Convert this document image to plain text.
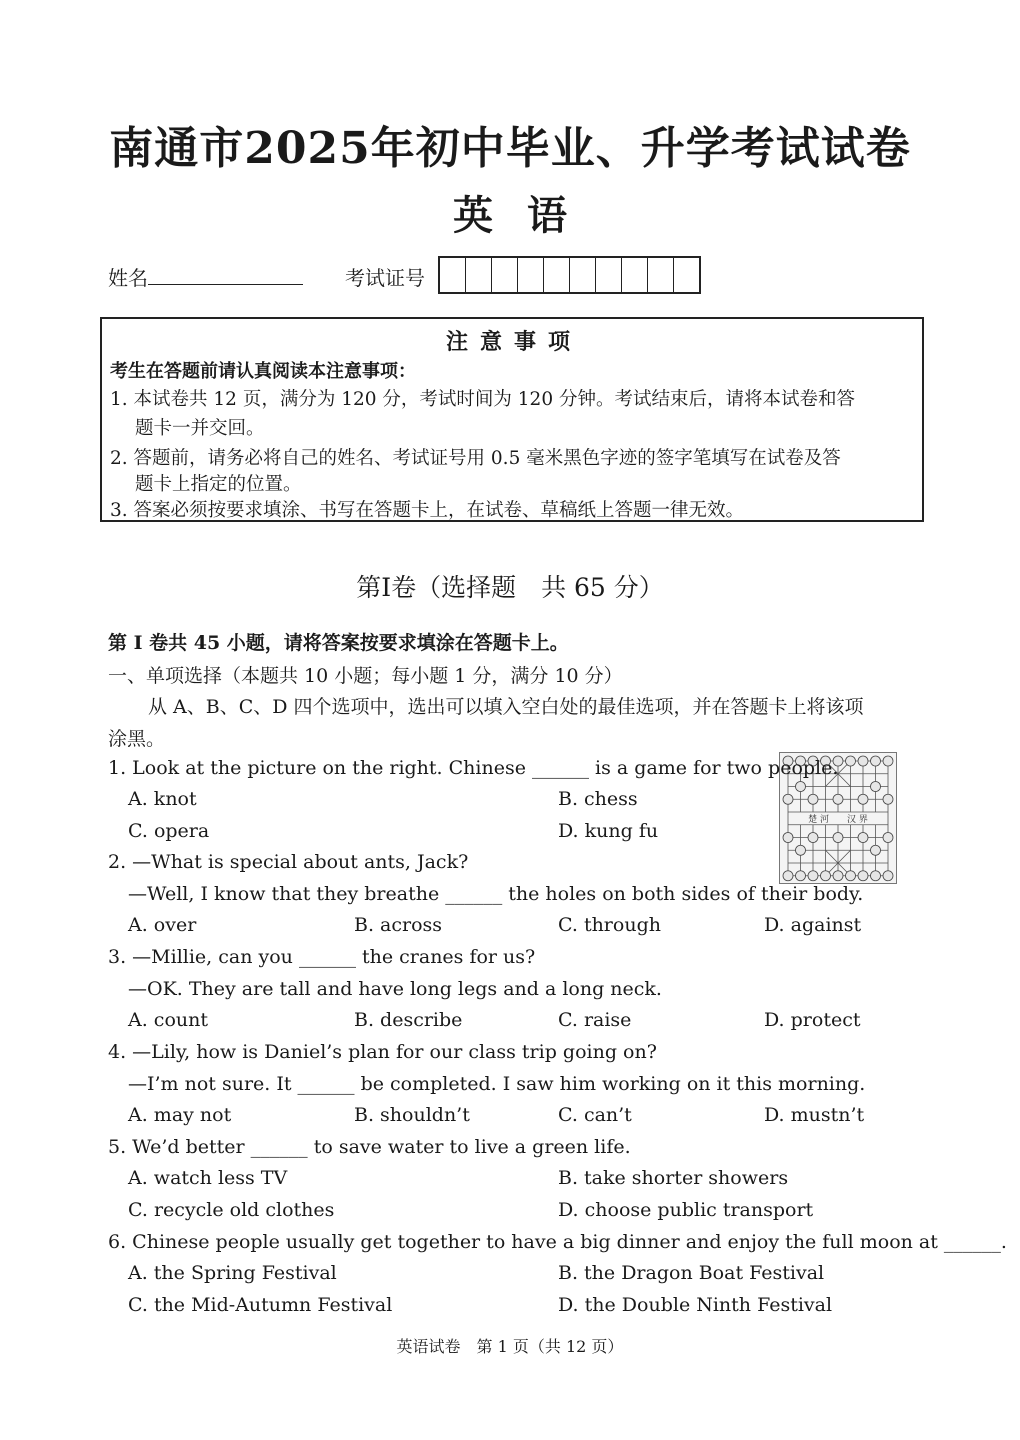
南通市2025年初中毕业、升学考试试卷
英语
姓名	考试证号
注意事项
考生在答题前请认真阅读本注意事项：
1. 本试卷共 12 页，满分为 120 分，考试时间为 120 分钟。考试结束后，请将本试卷和答
题卡一并交回。
2. 答题前，请务必将自己的姓名、考试证号用 0.5 毫米黑色字迹的签字笔填写在试卷及答
题卡上指定的位置。
3. 答案必须按要求填涂、书写在答题卡上，在试卷、草稿纸上答题一律无效。
第I卷（选择题　共 65 分）
第 I 卷共 45 小题，请将答案按要求填涂在答题卡上。
一、单项选择（本题共 10 小题；每小题 1 分，满分 10 分）
从 A、B、C、D 四个选项中，选出可以填入空白处的最佳选项，并在答题卡上将该项
涂黑。
楚 河　　汉 界
1. Look at the picture on the right. Chinese ______ is a game for two people.
A. knot	B. chess
C. opera	D. kung fu
2. —What is special about ants, Jack?
—Well, I know that they breathe ______ the holes on both sides of their body.
A. over	B. across	C. through	D. against
3. —Millie, can you ______ the cranes for us?
—OK. They are tall and have long legs and a long neck.
A. count	B. describe	C. raise	D. protect
4. —Lily, how is Daniel’s plan for our class trip going on?
—I’m not sure. It ______ be completed. I saw him working on it this morning.
A. may not	B. shouldn’t	C. can’t	D. mustn’t
5. We’d better ______ to save water to live a green life.
A. watch less TV	B. take shorter showers
C. recycle old clothes	D. choose public transport
6. Chinese people usually get together to have a big dinner and enjoy the full moon at ______.
A. the Spring Festival	B. the Dragon Boat Festival
C. the Mid-Autumn Festival	D. the Double Ninth Festival
英语试卷　第 1 页（共 12 页）
